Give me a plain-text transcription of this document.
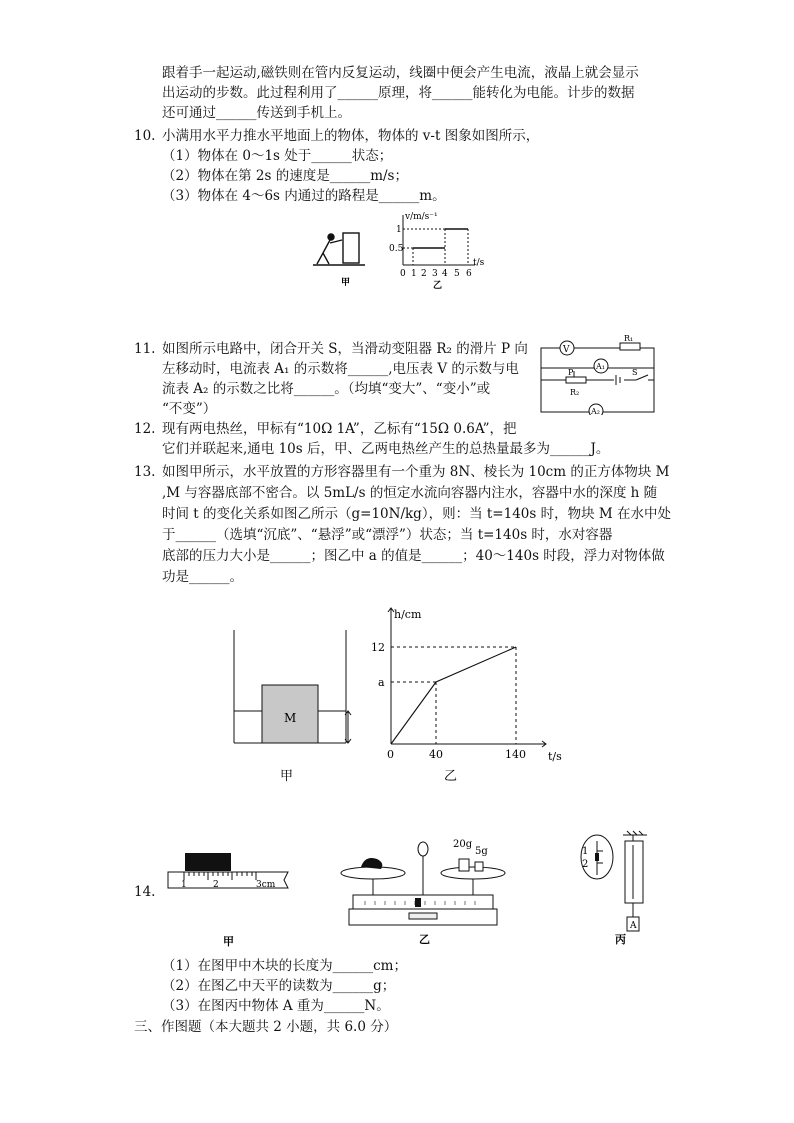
跟着手一起运动,磁铁则在管内反复运动，线圈中便会产生电流，液晶上就会显示
出运动的步数。此过程利用了______原理，将______能转化为电能。计步的数据
还可通过______传送到手机上。
10. 小满用水平力推水平地面上的物体，物体的 v-t 图象如图所示，
（1）物体在 0～1s 处于______状态；
（2）物体在第 2s 的速度是______m/s；
（3）物体在 4～6s 内通过的路程是______m。
甲
v/m/s⁻¹
1
0.5
t/s
0 1 2 3 4 5 6
乙
11. 如图所示电路中，闭合开关 S，当滑动变阻器 R₂ 的滑片 P 向
左移动时，电流表 A₁ 的示数将______,电压表 V 的示数与电
流表 A₂ 的示数之比将______。（均填“变大”、“变小”或
“不变”）
V
A₁
A₂
R₁
R₂
P	S
12. 现有两电热丝，甲标有“10Ω 1A”，乙标有“15Ω 0.6A”，把
它们并联起来,通电 10s 后，甲、乙两电热丝产生的总热量最多为______J。
13. 如图甲所示，水平放置的方形容器里有一个重为 8N、棱长为 10cm 的正方体物块 M
,M 与容器底部不密合。以 5mL/s 的恒定水流向容器内注水，容器中水的深度 h 随
时间 t 的变化关系如图乙所示（g=10N/kg），则：当 t=140s 时，物块 M 在水中处
于______（选填“沉底”、“悬浮”或“漂浮”）状态；当 t=140s 时，水对容器
底部的压力大小是______；图乙中 a 的值是______；40～140s 时段，浮力对物体做
功是______。
M
甲
h/cm
12
a
t/s
0	40	140
乙
14.	1	2	3cm
甲
20g
5g
乙
1
2
A
丙
（1）在图甲中木块的长度为______cm；
（2）在图乙中天平的读数为______g；
（3）在图丙中物体 A 重为______N。
三、作图题（本大题共 2 小题，共 6.0 分）
